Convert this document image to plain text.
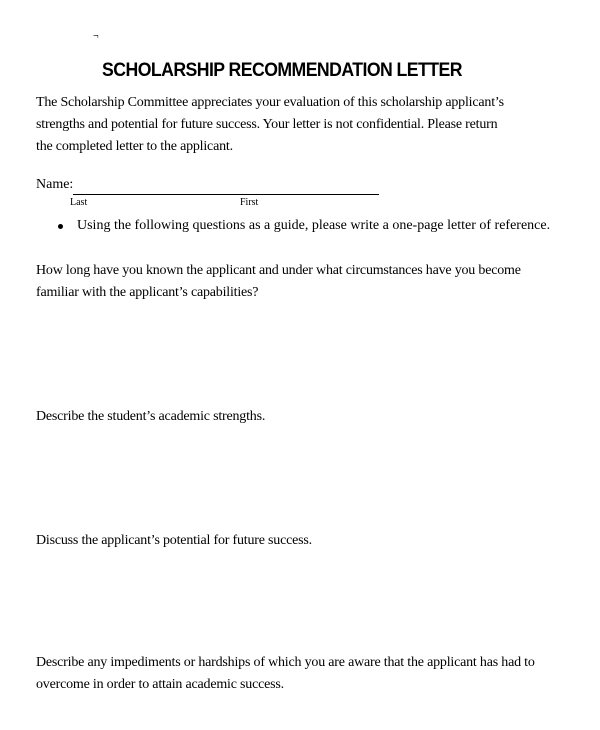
¬
SCHOLARSHIP RECOMMENDATION LETTER
The Scholarship Committee appreciates your evaluation of this scholarship applicant’s strengths and potential for future success. Your letter is not confidential. Please return the completed letter to the applicant.
Name:
Last	First
Using the following questions as a guide, please write a one-page letter of reference.
How long have you known the applicant and under what circumstances have you become familiar with the applicant’s capabilities?
Describe the student’s academic strengths.
Discuss the applicant’s potential for future success.
Describe any impediments or hardships of which you are aware that the applicant has had to overcome in order to attain academic success.
